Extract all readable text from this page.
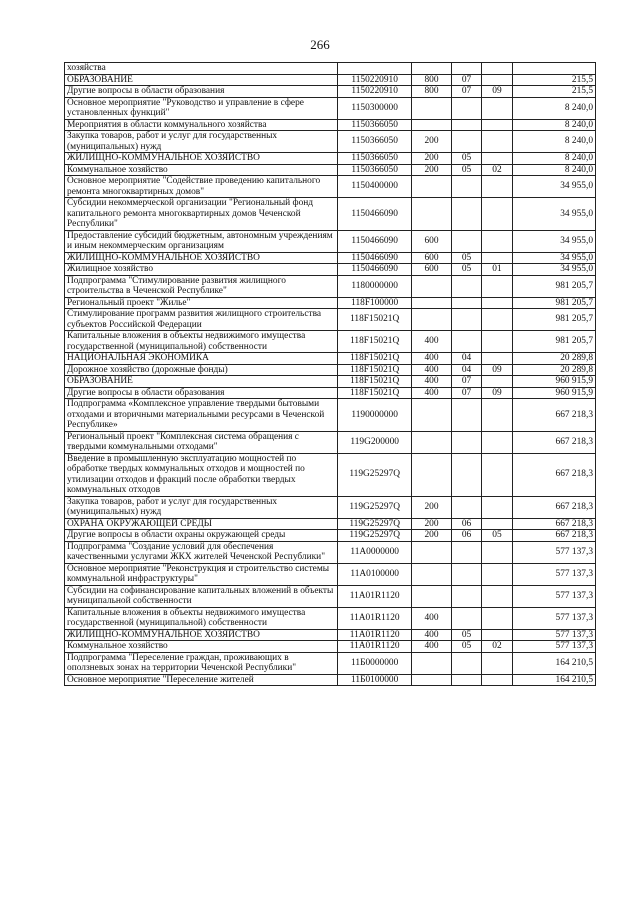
266
хозяйства					
ОБРАЗОВАНИЕ	1150220910	800	07		215,5
Другие вопросы в области образования	1150220910	800	07	09	215,5
Основное мероприятие "Руководство и управление в сфере установленных функций"	1150300000				8 240,0
Мероприятия в области коммунального хозяйства	1150366050				8 240,0
Закупка товаров, работ и услуг для государственных (муниципальных) нужд	1150366050	200			8 240,0
ЖИЛИЩНО-КОММУНАЛЬНОЕ ХОЗЯЙСТВО	1150366050	200	05		8 240,0
Коммунальное хозяйство	1150366050	200	05	02	8 240,0
Основное мероприятие "Содействие проведению капитального ремонта многоквартирных домов"	1150400000				34 955,0
Субсидии некоммерческой организации "Региональный фонд капитального ремонта многоквартирных домов Чеченской Республики"	1150466090				34 955,0
Предоставление субсидий бюджетным, автономным учреждениям и иным некоммерческим организациям	1150466090	600			34 955,0
ЖИЛИЩНО-КОММУНАЛЬНОЕ ХОЗЯЙСТВО	1150466090	600	05		34 955,0
Жилищное хозяйство	1150466090	600	05	01	34 955,0
Подпрограмма "Стимулирование развития жилищного строительства в Чеченской Республике"	1180000000				981 205,7
Региональный проект "Жилье"	118F100000				981 205,7
Стимулирование программ развития жилищного строительства субъектов Российской Федерации	118F15021Q				981 205,7
Капитальные вложения в объекты недвижимого имущества государственной (муниципальной) собственности	118F15021Q	400			981 205,7
НАЦИОНАЛЬНАЯ ЭКОНОМИКА	118F15021Q	400	04		20 289,8
Дорожное хозяйство (дорожные фонды)	118F15021Q	400	04	09	20 289,8
ОБРАЗОВАНИЕ	118F15021Q	400	07		960 915,9
Другие вопросы в области образования	118F15021Q	400	07	09	960 915,9
Подпрограмма «Комплексное управление твердыми бытовыми отходами и вторичными материальными ресурсами в Чеченской Республике»	1190000000				667 218,3
Региональный проект "Комплексная система обращения с твердыми коммунальными отходами"	119G200000				667 218,3
Введение в промышленную эксплуатацию мощностей по обработке твердых коммунальных отходов и мощностей по утилизации отходов и фракций после обработки твердых коммунальных отходов	119G25297Q				667 218,3
Закупка товаров, работ и услуг для государственных (муниципальных) нужд	119G25297Q	200			667 218,3
ОХРАНА ОКРУЖАЮЩЕЙ СРЕДЫ	119G25297Q	200	06		667 218,3
Другие вопросы в области охраны окружающей среды	119G25297Q	200	06	05	667 218,3
Подпрограмма "Создание условий для обеспечения качественными услугами ЖКХ жителей Чеченской Республики"	11А0000000				577 137,3
Основное мероприятие "Реконструкция и строительство системы коммунальной инфраструктуры"	11А0100000				577 137,3
Субсидии на софинансирование капитальных вложений в объекты муниципальной собственности	11А01R1120				577 137,3
Капитальные вложения в объекты недвижимого имущества государственной (муниципальной) собственности	11А01R1120	400			577 137,3
ЖИЛИЩНО-КОММУНАЛЬНОЕ ХОЗЯЙСТВО	11А01R1120	400	05		577 137,3
Коммунальное хозяйство	11А01R1120	400	05	02	577 137,3
Подпрограмма "Переселение граждан, проживающих в оползневых зонах на территории Чеченской Республики"	11Б0000000				164 210,5
Основное мероприятие "Переселение жителей	11Б0100000				164 210,5
